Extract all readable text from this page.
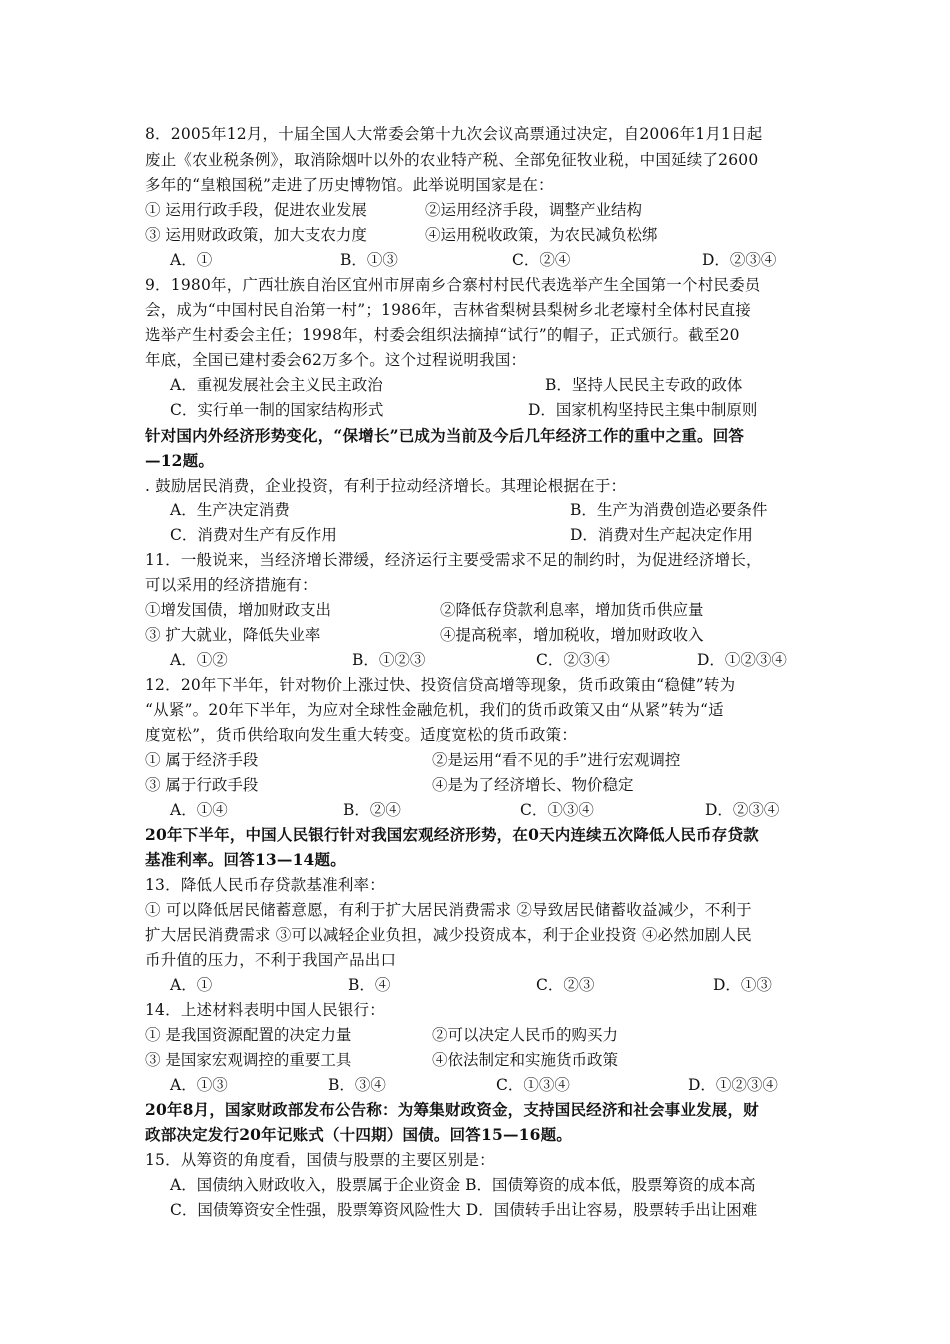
8．2005年12月，十届全国人大常委会第十九次会议高票通过决定，自2006年1月1日起
废止《农业税条例》，取消除烟叶以外的农业特产税、全部免征牧业税，中国延续了2600
多年的“皇粮国税”走进了历史博物馆。此举说明国家是在：
① 运用行政手段，促进农业发展	②运用经济手段，调整产业结构
③ 运用财政政策，加大支农力度	④运用税收政策，为农民减负松绑
A．①	B．①③	C．②④	D．②③④
9．1980年，广西壮族自治区宜州市屏南乡合寨村村民代表选举产生全国第一个村民委员
会，成为“中国村民自治第一村”；1986年，吉林省梨树县梨树乡北老壕村全体村民直接
选举产生村委会主任；1998年，村委会组织法摘掉“试行”的帽子，正式颁行。截至20
年底，全国已建村委会62万多个。这个过程说明我国：
A．重视发展社会主义民主政治	B．坚持人民民主专政的政体
C．实行单一制的国家结构形式	D．国家机构坚持民主集中制原则
针对国内外经济形势变化，“保增长”已成为当前及今后几年经济工作的重中之重。回答
—12题。
. 鼓励居民消费，企业投资，有利于拉动经济增长。其理论根据在于：
A．生产决定消费	B．生产为消费创造必要条件
C．消费对生产有反作用	D．消费对生产起决定作用
11．一般说来，当经济增长滞缓，经济运行主要受需求不足的制约时，为促进经济增长，
可以采用的经济措施有：
①增发国债，增加财政支出	②降低存贷款利息率，增加货币供应量
③ 扩大就业，降低失业率	④提高税率，增加税收，增加财政收入
A．①②	B．①②③	C．②③④	D．①②③④
12．20年下半年，针对物价上涨过快、投资信贷高增等现象，货币政策由“稳健”转为
“从紧”。20年下半年，为应对全球性金融危机，我们的货币政策又由“从紧”转为“适
度宽松”，货币供给取向发生重大转变。适度宽松的货币政策：
① 属于经济手段	②是运用“看不见的手”进行宏观调控
③ 属于行政手段	④是为了经济增长、物价稳定
A．①④	B．②④	C．①③④	D．②③④
20年下半年，中国人民银行针对我国宏观经济形势，在0天内连续五次降低人民币存贷款
基准利率。回答13—14题。
13．降低人民币存贷款基准利率：
① 可以降低居民储蓄意愿，有利于扩大居民消费需求 ②导致居民储蓄收益减少，不利于
扩大居民消费需求 ③可以减轻企业负担，减少投资成本，利于企业投资 ④必然加剧人民
币升值的压力，不利于我国产品出口
A．①	B．④	C．②③	D．①③
14．上述材料表明中国人民银行：
① 是我国资源配置的决定力量	②可以决定人民币的购买力
③ 是国家宏观调控的重要工具	④依法制定和实施货币政策
A．①③	B．③④	C．①③④	D．①②③④
20年8月，国家财政部发布公告称：为筹集财政资金，支持国民经济和社会事业发展，财
政部决定发行20年记账式（十四期）国债。回答15—16题。
15．从筹资的角度看，国债与股票的主要区别是：
A．国债纳入财政收入，股票属于企业资金 B．国债筹资的成本低，股票筹资的成本高
C．国债筹资安全性强，股票筹资风险性大 D．国债转手出让容易，股票转手出让困难
